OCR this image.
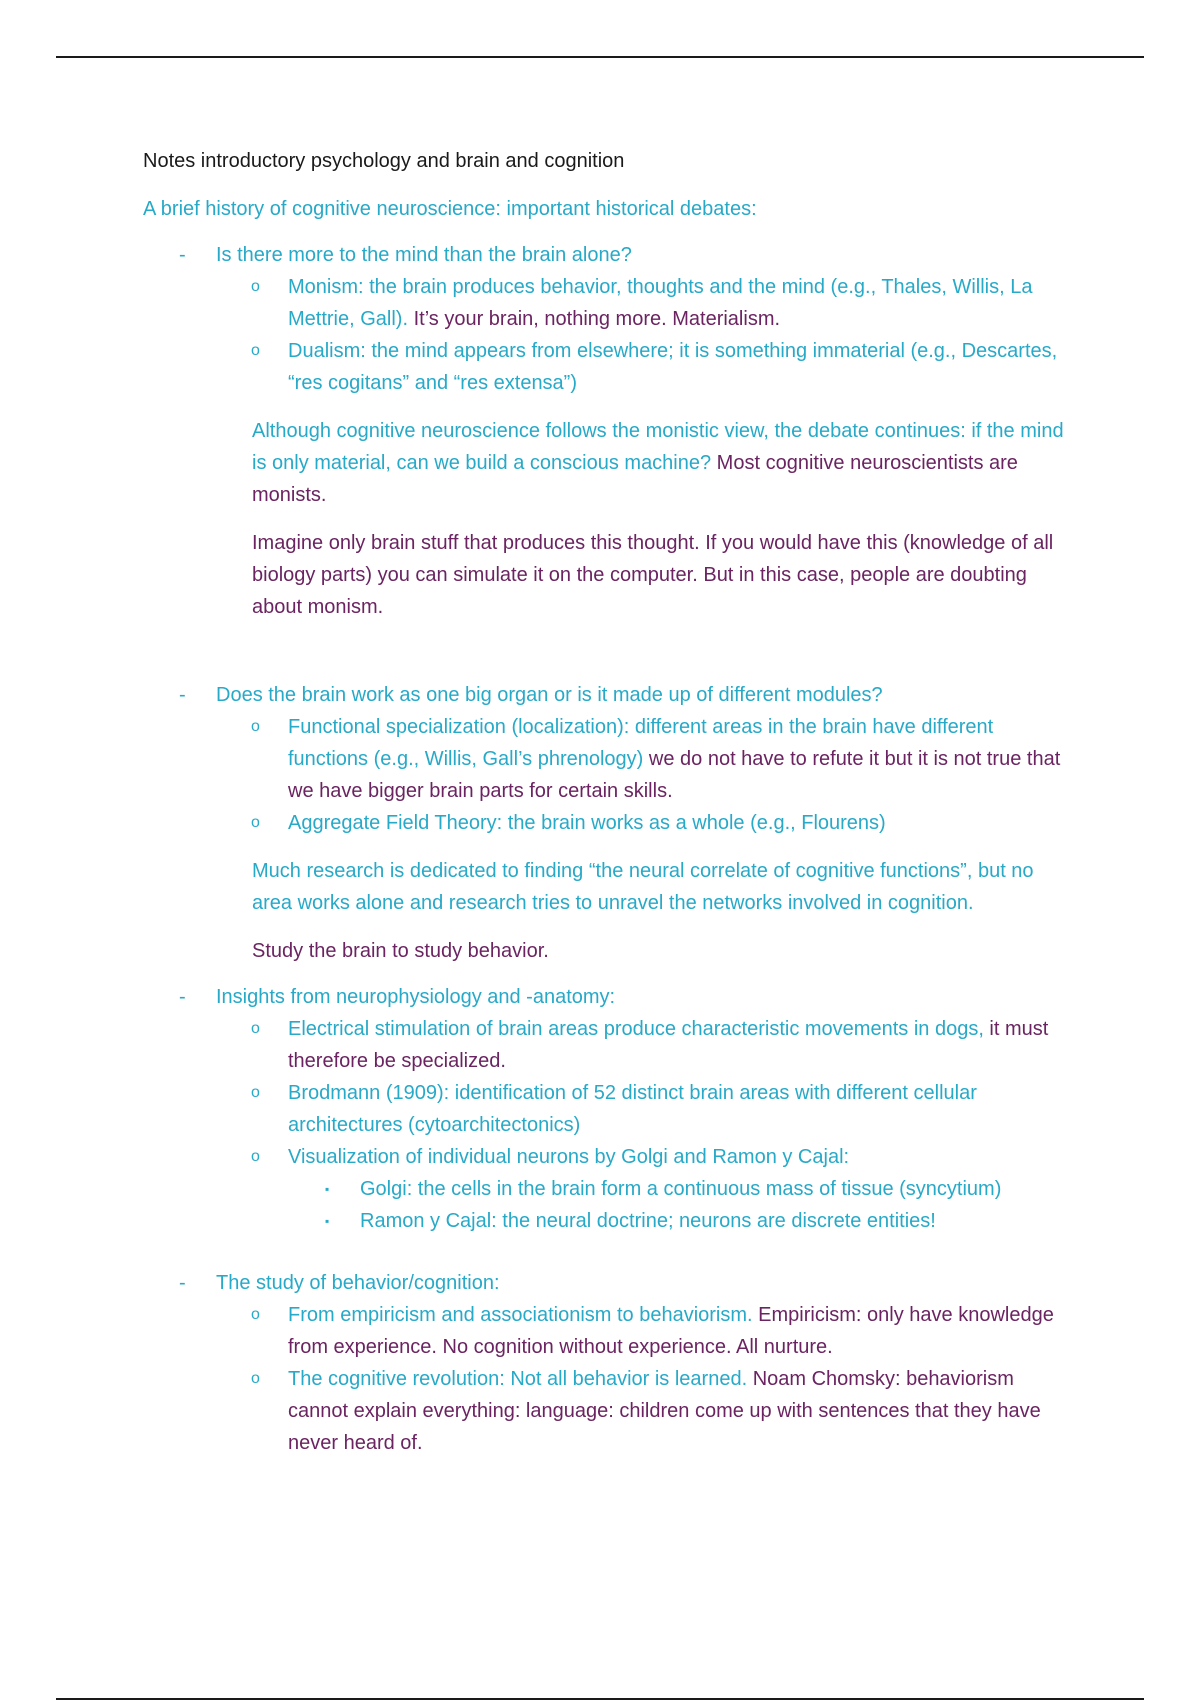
Notes introductory psychology and brain and cognition
A brief history of cognitive neuroscience: important historical debates:
- Is there more to the mind than the brain alone?
o Monism: the brain produces behavior, thoughts and the mind (e.g., Thales, Willis, La Mettrie, Gall). It’s your brain, nothing more. Materialism.
o Dualism: the mind appears from elsewhere; it is something immaterial (e.g., Descartes, “res cogitans” and “res extensa”)
Although cognitive neuroscience follows the monistic view, the debate continues: if the mind is only material, can we build a conscious machine? Most cognitive neuroscientists are monists.
Imagine only brain stuff that produces this thought. If you would have this (knowledge of all biology parts) you can simulate it on the computer. But in this case, people are doubting about monism.
- Does the brain work as one big organ or is it made up of different modules?
o Functional specialization (localization): different areas in the brain have different functions (e.g., Willis, Gall’s phrenology) we do not have to refute it but it is not true that we have bigger brain parts for certain skills.
o Aggregate Field Theory: the brain works as a whole (e.g., Flourens)
Much research is dedicated to finding “the neural correlate of cognitive functions”, but no area works alone and research tries to unravel the networks involved in cognition.
Study the brain to study behavior.
- Insights from neurophysiology and -anatomy:
o Electrical stimulation of brain areas produce characteristic movements in dogs, it must therefore be specialized.
o Brodmann (1909): identification of 52 distinct brain areas with different cellular architectures (cytoarchitectonics)
o Visualization of individual neurons by Golgi and Ramon y Cajal:
▪ Golgi: the cells in the brain form a continuous mass of tissue (syncytium)
▪ Ramon y Cajal: the neural doctrine; neurons are discrete entities!
- The study of behavior/cognition:
o From empiricism and associationism to behaviorism. Empiricism: only have knowledge from experience. No cognition without experience. All nurture.
o The cognitive revolution: Not all behavior is learned. Noam Chomsky: behaviorism cannot explain everything: language: children come up with sentences that they have never heard of.
